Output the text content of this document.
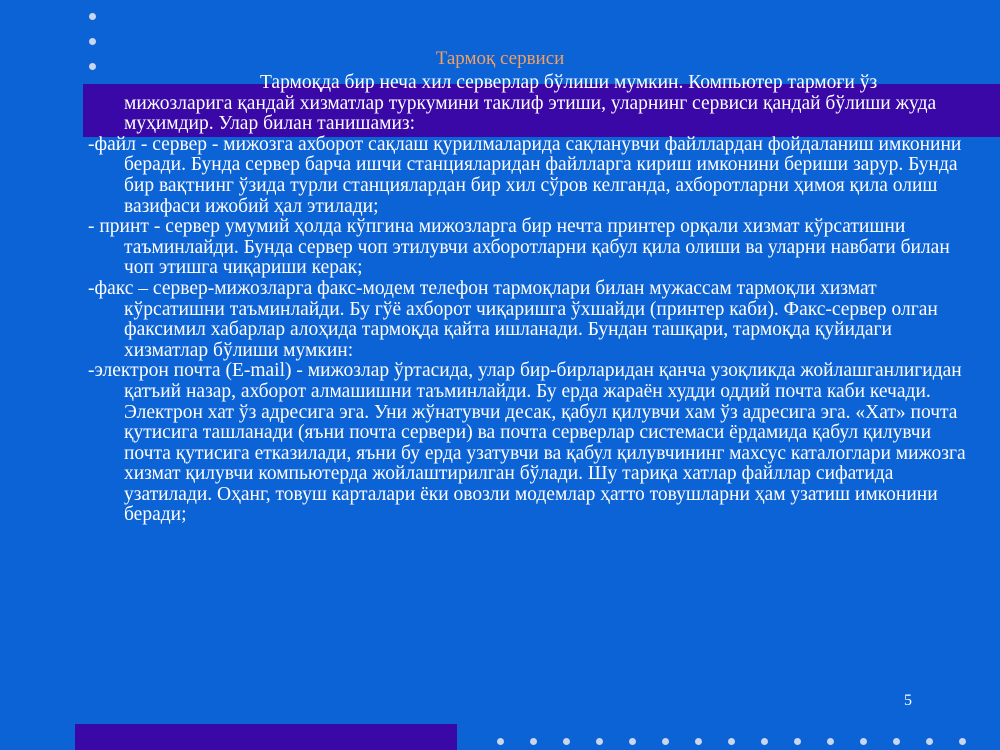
Тармоқ сервиси

Тармоқда бир неча хил серверлар бўлиши мумкин. Компьютер тармоғи ўз мижозларига қандай хизматлар туркумини таклиф этиши, уларнинг сервиси қандай бўлиши жуда муҳимдир. Улар билан танишамиз:

-файл - сервер - мижозга ахборот сақлаш қурилмаларида сақланувчи файллардан фойдаланиш имконини беради. Бунда сервер барча ишчи станцияларидан файлларга кириш имконини бериши зарур. Бунда бир вақтнинг ўзида турли станциялардан бир хил сўров келганда, ахборотларни ҳимоя қила олиш вазифаси ижобий ҳал этилади;

- принт - сервер умумий ҳолда кўпгина мижозларга бир нечта принтер орқали хизмат кўрсатишни таъминлайди. Бунда сервер чоп этилувчи ахборотларни қабул қила олиши ва уларни навбати билан чоп этишга чиқариши керак;

-факс – сервер-мижозларга факс-модем телефон тармоқлари билан мужассам тармоқли хизмат кўрсатишни таъминлайди. Бу гўё ахборот чиқаришга ўхшайди (принтер каби). Факс-сервер олган факсимил хабарлар алоҳида тармоқда қайта ишланади. Бундан ташқари, тармоқда қуйидаги хизматлар бўлиши мумкин:

-электрон почта (E-mail) - мижозлар ўртасида, улар бир-бирларидан қанча узоқликда жойлашганлигидан қатъий назар, ахборот алмашишни таъминлайди. Бу ерда жараён худди оддий почта каби кечади. Электрон хат ўз адресига эга. Уни жўнатувчи десак, қабул қилувчи хам ўз адресига эга. «Хат» почта қутисига ташланади (яъни почта сервери) ва почта серверлар системаси ёрдамида қабул қилувчи почта қутисига етказилади, яъни бу ерда узатувчи ва қабул қилувчининг махсус каталоглари мижозга хизмат қилувчи компьютерда жойлаштирилган бўлади. Шу тариқа хатлар файллар сифатида узатилади. Оҳанг, товуш карталари ёки овозли модемлар ҳатто товушларни ҳам узатиш имконини беради;

5
